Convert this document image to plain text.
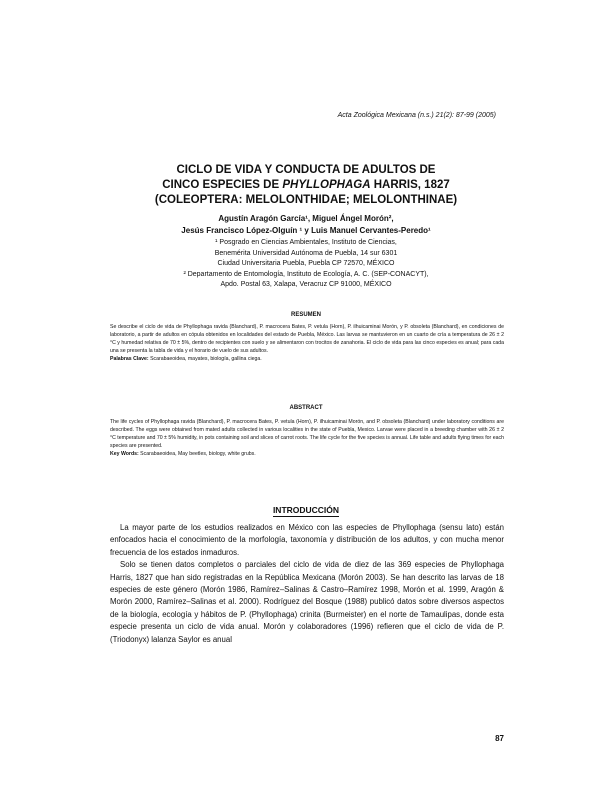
Acta Zoológica Mexicana (n.s.) 21(2): 87-99 (2005)
CICLO DE VIDA Y CONDUCTA DE ADULTOS DE
CINCO ESPECIES DE PHYLLOPHAGA HARRIS, 1827
(COLEOPTERA: MELOLONTHIDAE; MELOLONTHINAE)
Agustín Aragón García¹, Miguel Ángel Morón²,
Jesús Francisco López-Olguín ¹ y Luis Manuel Cervantes-Peredo¹
¹ Posgrado en Ciencias Ambientales, Instituto de Ciencias,
Benemérita Universidad Autónoma de Puebla, 14 sur 6301
Ciudad Universitaria Puebla, Puebla CP 72570, MÉXICO
² Departamento de Entomología, Instituto de Ecología, A. C. (SEP-CONACYT),
Apdo. Postal 63, Xalapa, Veracruz CP 91000, MÉXICO
RESUMEN
Se describe el ciclo de vida de Phyllophaga ravida (Blanchard), P. macrocera Bates, P. vetula (Horn), P. ilhuicaminai Morón, y P. obsoleta (Blanchard), en condiciones de laboratorio, a partir de adultos en cópula obtenidos en localidades del estado de Puebla, México. Las larvas se mantuvieron en un cuarto de cría a temperatura de 26 ± 2 °C y humedad relativa de 70 ± 5%, dentro de recipientes con suelo y se alimentaron con trocitos de zanahoria. El ciclo de vida para las cinco especies es anual; para cada una se presenta la tabla de vida y el horario de vuelo de sus adultos.
Palabras Clave: Scarabaeoidea, mayates, biología, gallina ciega.
ABSTRACT
The life cycles of Phyllophaga ravida (Blanchard), P. macrocera Bates, P. vetula (Horn), P. ilhuicaminai Morón, and P. obsoleta (Blanchard) under laboratory conditions are described. The eggs were obtained from mated adults collected in various localities in the state of Puebla, Mexico. Larvae were placed in a breeding chamber with 26 ± 2 °C temperature and 70 ± 5% humidity, in pots containing soil and slices of carrot roots. The life cycle for the five species is annual. Life table and adults flying times for each species are presented.
Key Words: Scarabaeoidea, May beetles, biology, white grubs.
INTRODUCCIÓN

La mayor parte de los estudios realizados en México con las especies de Phyllophaga (sensu lato) están enfocados hacia el conocimiento de la morfología, taxonomía y distribución de los adultos, y con mucha menor frecuencia de los estados inmaduros.

Solo se tienen datos completos o parciales del ciclo de vida de diez de las 369 especies de Phyllophaga Harris, 1827 que han sido registradas en la República Mexicana (Morón 2003). Se han descrito las larvas de 18 especies de este género (Morón 1986, Ramírez–Salinas & Castro–Ramírez 1998, Morón et al. 1999, Aragón & Morón 2000, Ramírez–Salinas et al. 2000). Rodríguez del Bosque (1988) publicó datos sobre diversos aspectos de la biología, ecología y hábitos de P. (Phyllophaga) crinita (Burmeister) en el norte de Tamaulipas, donde esta especie presenta un ciclo de vida anual. Morón y colaboradores (1996) refieren que el ciclo de vida de P. (Triodonyx) lalanza Saylor es anual

87
